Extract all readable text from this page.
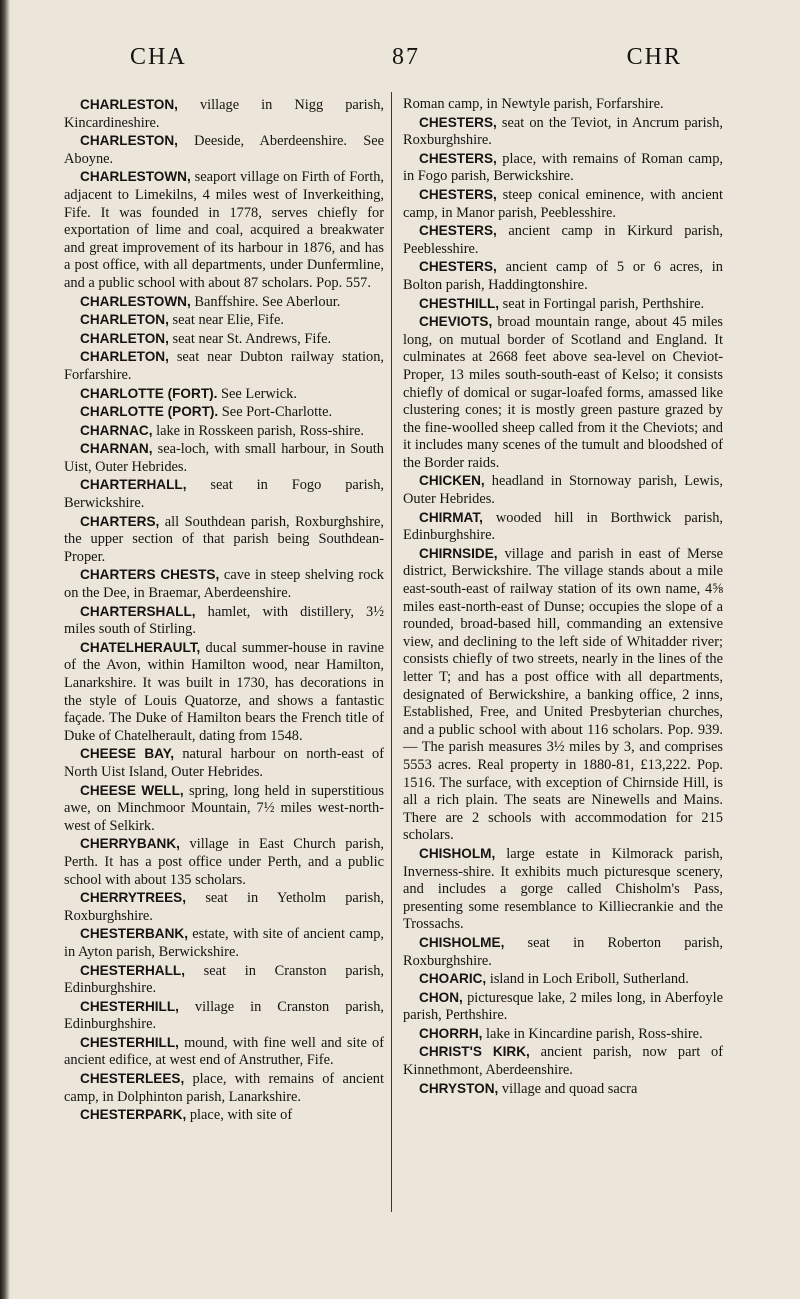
CHA	87	CHR

CHARLESTON, village in Nigg parish, Kincardineshire.

CHARLESTON, Deeside, Aberdeenshire. See Aboyne.

CHARLESTOWN, seaport village on Firth of Forth, adjacent to Limekilns, 4 miles west of Inverkeithing, Fife. It was founded in 1778, serves chiefly for exportation of lime and coal, acquired a breakwater and great improvement of its harbour in 1876, and has a post office, with all departments, under Dunfermline, and a public school with about 87 scholars. Pop. 557.

CHARLESTOWN, Banffshire. See Aberlour.

CHARLETON, seat near Elie, Fife.

CHARLETON, seat near St. Andrews, Fife.

CHARLETON, seat near Dubton railway station, Forfarshire.

CHARLOTTE (FORT). See Lerwick.

CHARLOTTE (PORT). See Port-Charlotte.

CHARNAC, lake in Rosskeen parish, Ross-shire.

CHARNAN, sea-loch, with small harbour, in South Uist, Outer Hebrides.

CHARTERHALL, seat in Fogo parish, Berwickshire.

CHARTERS, all Southdean parish, Roxburghshire, the upper section of that parish being Southdean-Proper.

CHARTERS CHESTS, cave in steep shelving rock on the Dee, in Braemar, Aberdeenshire.

CHARTERSHALL, hamlet, with distillery, 3½ miles south of Stirling.

CHATELHERAULT, ducal summer-house in ravine of the Avon, within Hamilton wood, near Hamilton, Lanarkshire. It was built in 1730, has decorations in the style of Louis Quatorze, and shows a fantastic façade. The Duke of Hamilton bears the French title of Duke of Chatelherault, dating from 1548.

CHEESE BAY, natural harbour on north-east of North Uist Island, Outer Hebrides.

CHEESE WELL, spring, long held in superstitious awe, on Minchmoor Mountain, 7½ miles west-north-west of Selkirk.

CHERRYBANK, village in East Church parish, Perth. It has a post office under Perth, and a public school with about 135 scholars.

CHERRYTREES, seat in Yetholm parish, Roxburghshire.

CHESTERBANK, estate, with site of ancient camp, in Ayton parish, Berwickshire.

CHESTERHALL, seat in Cranston parish, Edinburghshire.

CHESTERHILL, village in Cranston parish, Edinburghshire.

CHESTERHILL, mound, with fine well and site of ancient edifice, at west end of Anstruther, Fife.

CHESTERLEES, place, with remains of ancient camp, in Dolphinton parish, Lanarkshire.

CHESTERPARK, place, with site of

Roman camp, in Newtyle parish, Forfarshire.

CHESTERS, seat on the Teviot, in Ancrum parish, Roxburghshire.

CHESTERS, place, with remains of Roman camp, in Fogo parish, Berwickshire.

CHESTERS, steep conical eminence, with ancient camp, in Manor parish, Peeblesshire.

CHESTERS, ancient camp in Kirkurd parish, Peeblesshire.

CHESTERS, ancient camp of 5 or 6 acres, in Bolton parish, Haddingtonshire.

CHESTHILL, seat in Fortingal parish, Perthshire.

CHEVIOTS, broad mountain range, about 45 miles long, on mutual border of Scotland and England. It culminates at 2668 feet above sea-level on Cheviot-Proper, 13 miles south-south-east of Kelso; it consists chiefly of domical or sugar-loafed forms, amassed like clustering cones; it is mostly green pasture grazed by the fine-woolled sheep called from it the Cheviots; and it includes many scenes of the tumult and bloodshed of the Border raids.

CHICKEN, headland in Stornoway parish, Lewis, Outer Hebrides.

CHIRMAT, wooded hill in Borthwick parish, Edinburghshire.

CHIRNSIDE, village and parish in east of Merse district, Berwickshire. The village stands about a mile east-south-east of railway station of its own name, 4⅝ miles east-north-east of Dunse; occupies the slope of a rounded, broad-based hill, commanding an extensive view, and declining to the left side of Whitadder river; consists chiefly of two streets, nearly in the lines of the letter T; and has a post office with all departments, designated of Berwickshire, a banking office, 2 inns, Established, Free, and United Presbyterian churches, and a public school with about 116 scholars. Pop. 939. — The parish measures 3½ miles by 3, and comprises 5553 acres. Real property in 1880-81, £13,222. Pop. 1516. The surface, with exception of Chirnside Hill, is all a rich plain. The seats are Ninewells and Mains. There are 2 schools with accommodation for 215 scholars.

CHISHOLM, large estate in Kilmorack parish, Inverness-shire. It exhibits much picturesque scenery, and includes a gorge called Chisholm's Pass, presenting some resemblance to Killiecrankie and the Trossachs.

CHISHOLME, seat in Roberton parish, Roxburghshire.

CHOARIC, island in Loch Eriboll, Sutherland.

CHON, picturesque lake, 2 miles long, in Aberfoyle parish, Perthshire.

CHORRH, lake in Kincardine parish, Ross-shire.

CHRIST'S KIRK, ancient parish, now part of Kinnethmont, Aberdeenshire.

CHRYSTON, village and quoad sacra
